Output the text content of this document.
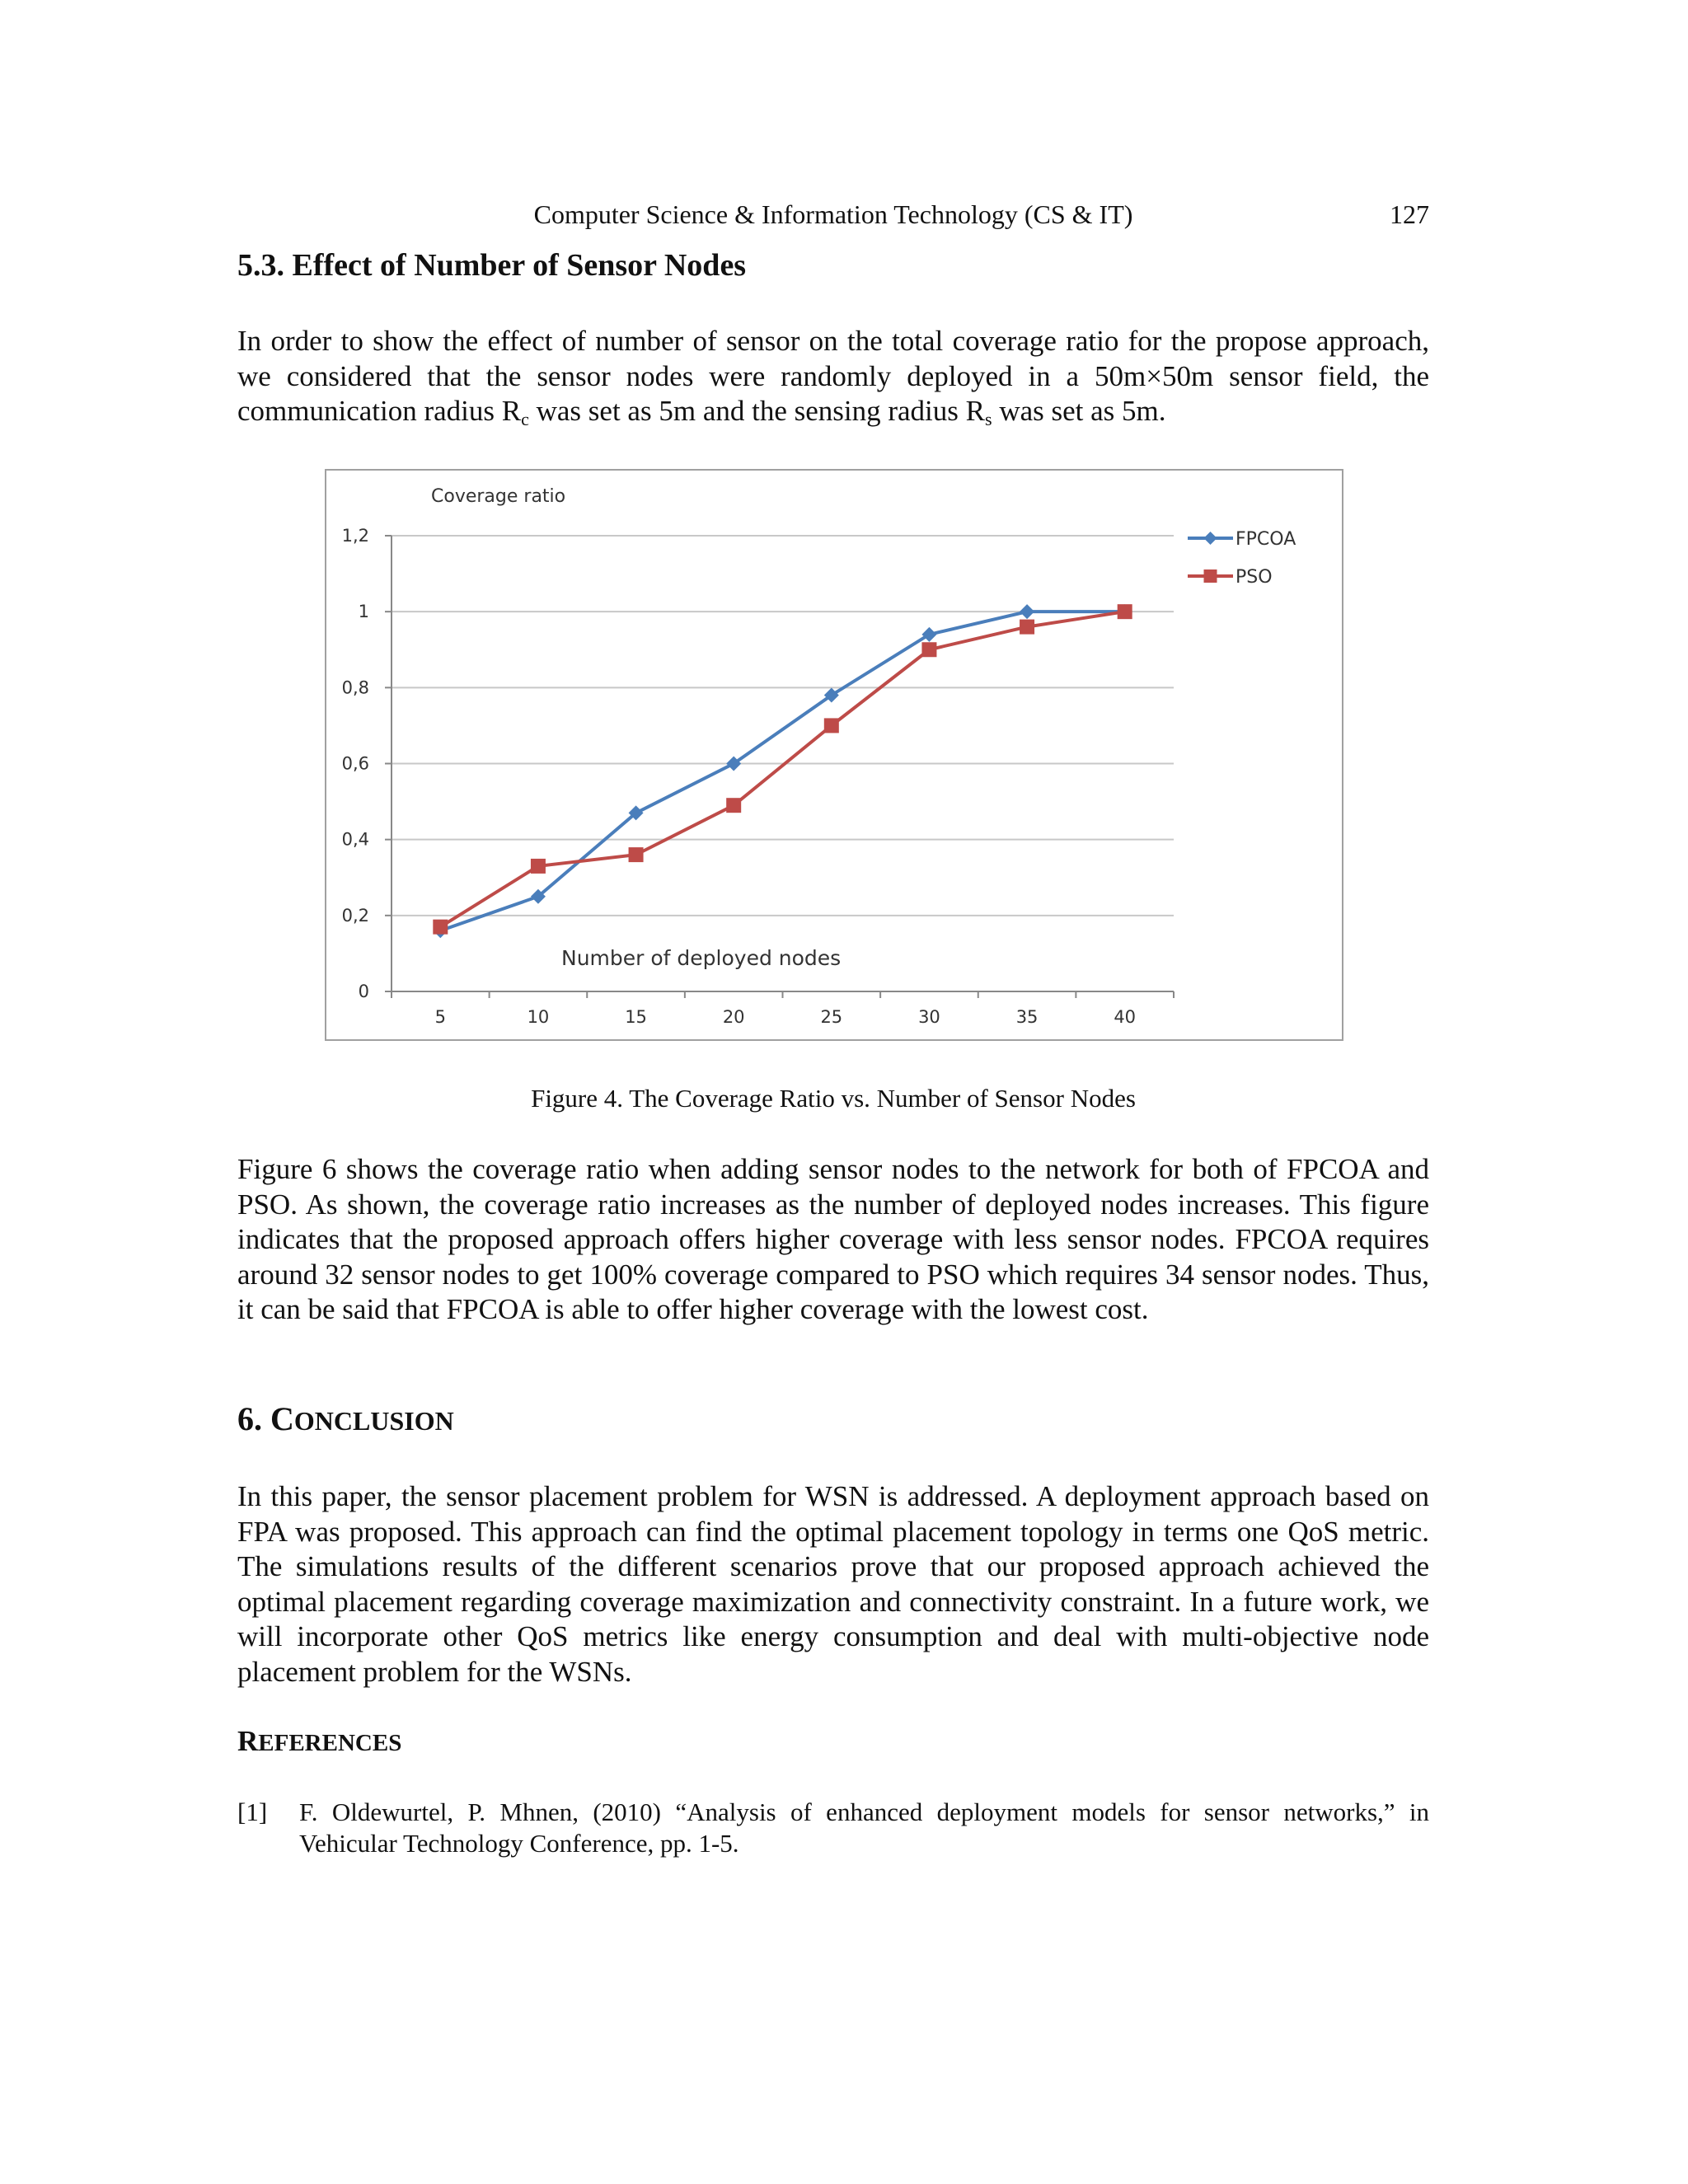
Computer Science & Information Technology (CS & IT)	127
5.3. Effect of Number of Sensor Nodes

In order to show the effect of number of sensor on the total coverage ratio for the propose approach, we considered that the sensor nodes were randomly deployed in a 50m×50m sensor field, the communication radius $R_c$ was set as 5m and the sensing radius $R_s$ was set as 5m.

0
0,2
0,4
0,6
0,8
1
1,2
5	10	15	20	25	30	35	40
Coverage ratio
Number of deployed nodes
FPCOA
PSO

Figure 4. The Coverage Ratio vs. Number of Sensor Nodes

Figure 6 shows the coverage ratio when adding sensor nodes to the network for both of FPCOA and PSO. As shown, the coverage ratio increases as the number of deployed nodes increases. This figure indicates that the proposed approach offers higher coverage with less sensor nodes. FPCOA requires around 32 sensor nodes to get 100% coverage compared to PSO which requires 34 sensor nodes. Thus, it can be said that FPCOA is able to offer higher coverage with the lowest cost.

6. CONCLUSION

In this paper, the sensor placement problem for WSN is addressed. A deployment approach based on FPA was proposed. This approach can find the optimal placement topology in terms one QoS metric. The simulations results of the different scenarios prove that our proposed approach achieved the optimal placement regarding coverage maximization and connectivity constraint. In a future work, we will incorporate other QoS metrics like energy consumption and deal with multi-objective node placement problem for the WSNs.

REFERENCES
[1] F. Oldewurtel, P. Mhnen, (2010) “Analysis of enhanced deployment models for sensor networks,” in Vehicular Technology Conference, pp. 1-5.
